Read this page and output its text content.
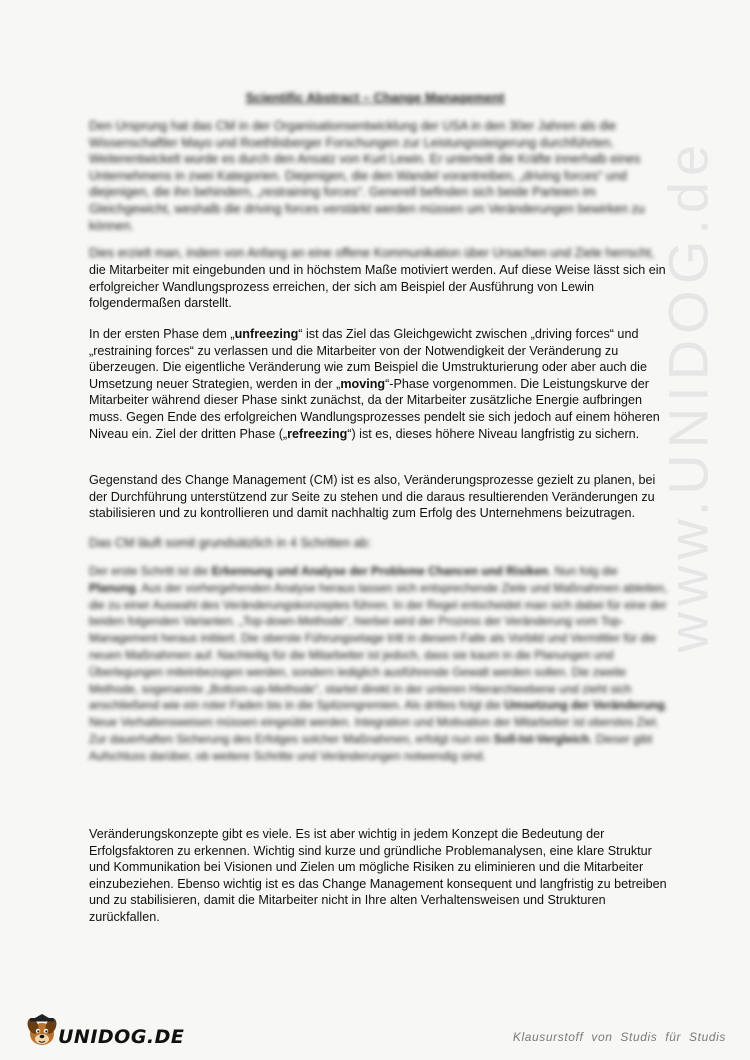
www.UNIDOG.de
Scientific Abstract – Change Management

Den Ursprung hat das CM in der Organisationsentwicklung der USA in den 30er Jahren als die Wissenschaftler Mayo und Roethlisberger Forschungen zur Leistungssteigerung durchführten. Weiterentwickelt wurde es durch den Ansatz von Kurt Lewin. Er unterteilt die Kräfte innerhalb eines Unternehmens in zwei Kategorien. Diejenigen, die den Wandel vorantreiben, „driving forces“ und diejenigen, die ihn behindern, „restraining forces“. Generell befinden sich beide Parteien im Gleichgewicht, weshalb die driving forces verstärkt werden müssen um Veränderungen bewirken zu können.

Dies erzielt man, indem von Anfang an eine offene Kommunikation über Ursachen und Ziele herrscht,

die Mitarbeiter mit eingebunden und in höchstem Maße motiviert werden. Auf diese Weise lässt sich ein erfolgreicher Wandlungsprozess erreichen, der sich am Beispiel der Ausführung von Lewin folgendermaßen darstellt.

In der ersten Phase dem „unfreezing“ ist das Ziel das Gleichgewicht zwischen „driving forces“ und „restraining forces“ zu verlassen und die Mitarbeiter von der Notwendigkeit der Veränderung zu überzeugen. Die eigentliche Veränderung wie zum Beispiel die Umstrukturierung oder aber auch die Umsetzung neuer Strategien, werden in der „moving“-Phase vorgenommen. Die Leistungskurve der Mitarbeiter während dieser Phase sinkt zunächst, da der Mitarbeiter zusätzliche Energie aufbringen muss. Gegen Ende des erfolgreichen Wandlungsprozesses pendelt sie sich jedoch auf einem höheren Niveau ein. Ziel der dritten Phase („refreezing“) ist es, dieses höhere Niveau langfristig zu sichern.

Gegenstand des Change Management (CM) ist es also, Veränderungsprozesse gezielt zu planen, bei der Durchführung unterstützend zur Seite zu stehen und die daraus resultierenden Veränderungen zu stabilisieren und zu kontrollieren und damit nachhaltig zum Erfolg des Unternehmens beizutragen.

Das CM läuft somit grundsätzlich in 4 Schritten ab:

Der erste Schritt ist die Erkennung und Analyse der Probleme Chancen und Risiken. Nun folg die Planung. Aus der vorhergehenden Analyse heraus lassen sich entsprechende Ziele und Maßnahmen ableiten, die zu einer Auswahl des Veränderungskonzeptes führen. In der Regel entscheidet man sich dabei für eine der beiden folgenden Varianten. „Top-down-Methode“, hierbei wird der Prozess der Veränderung vom Top-Management heraus initiiert. Die oberste Führungsetage tritt in diesem Falle als Vorbild und Vermittler für die neuen Maßnahmen auf. Nachteilig für die Mitarbeiter ist jedoch, dass sie kaum in die Planungen und Überlegungen miteinbezogen werden, sondern lediglich ausführende Gewalt werden sollen. Die zweite Methode, sogenannte „Bottom-up-Methode“, startet direkt in der unteren Hierarchieebene und zieht sich anschließend wie ein roter Faden bis in die Spitzengremien. Als drittes folgt die Umsetzung der Veränderung. Neue Verhaltensweisen müssen eingeübt werden. Integration und Motivation der Mitarbeiter ist oberstes Ziel. Zur dauerhaften Sicherung des Erfolges solcher Maßnahmen, erfolgt nun ein Soll-Ist-Vergleich. Dieser gibt Aufschluss darüber, ob weitere Schritte und Veränderungen notwendig sind.

Veränderungskonzepte gibt es viele. Es ist aber wichtig in jedem Konzept die Bedeutung der Erfolgsfaktoren zu erkennen. Wichtig sind kurze und gründliche Problemanalysen, eine klare Struktur und Kommunikation bei Visionen und Zielen um mögliche Risiken zu eliminieren und die Mitarbeiter einzubeziehen. Ebenso wichtig ist es das Change Management konsequent und langfristig zu betreiben und zu stabilisieren, damit die Mitarbeiter nicht in Ihre alten Verhaltensweisen und Strukturen zurückfallen.

UNIDOG.DE	Klausurstoff von Studis für Studis
